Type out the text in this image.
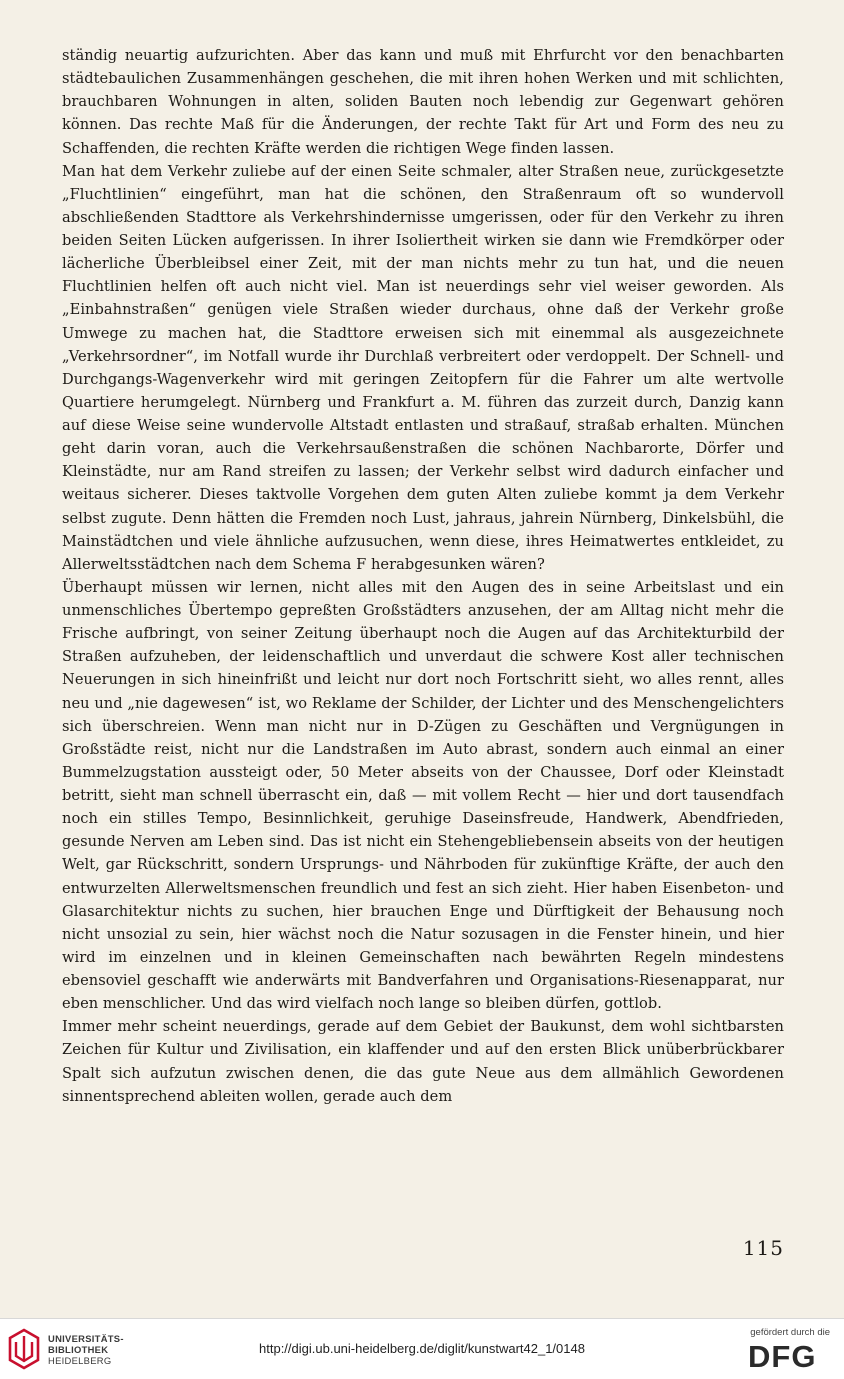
ständig neuartig aufzurichten. Aber das kann und muß mit Ehrfurcht vor den benachbarten städtebaulichen Zusammenhängen geschehen, die mit ihren hohen Werken und mit schlichten, brauchbaren Wohnungen in alten, soliden Bauten noch lebendig zur Gegenwart gehören können. Das rechte Maß für die Änderungen, der rechte Takt für Art und Form des neu zu Schaffenden, die rechten Kräfte werden die richtigen Wege finden lassen.

Man hat dem Verkehr zuliebe auf der einen Seite schmaler, alter Straßen neue, zurückgesetzte „Fluchtlinien“ eingeführt, man hat die schönen, den Straßenraum oft so wundervoll abschließenden Stadttore als Verkehrshindernisse umgerissen, oder für den Verkehr zu ihren beiden Seiten Lücken aufgerissen. In ihrer Isoliertheit wirken sie dann wie Fremdkörper oder lächerliche Überbleibsel einer Zeit, mit der man nichts mehr zu tun hat, und die neuen Fluchtlinien helfen oft auch nicht viel. Man ist neuerdings sehr viel weiser geworden. Als „Einbahnstraßen“ genügen viele Straßen wieder durchaus, ohne daß der Verkehr große Umwege zu machen hat, die Stadttore erweisen sich mit einemmal als ausgezeichnete „Verkehrsordner“, im Notfall wurde ihr Durchlaß verbreitert oder verdoppelt. Der Schnell- und Durchgangs-Wagenverkehr wird mit geringen Zeitopfern für die Fahrer um alte wertvolle Quartiere herumgelegt. Nürnberg und Frankfurt a. M. führen das zurzeit durch, Danzig kann auf diese Weise seine wundervolle Altstadt entlasten und straßauf, straßab erhalten. München geht darin voran, auch die Verkehrsaußenstraßen die schönen Nachbarorte, Dörfer und Kleinstädte, nur am Rand streifen zu lassen; der Verkehr selbst wird dadurch einfacher und weitaus sicherer. Dieses taktvolle Vorgehen dem guten Alten zuliebe kommt ja dem Verkehr selbst zugute. Denn hätten die Fremden noch Lust, jahraus, jahrein Nürnberg, Dinkelsbühl, die Mainstädtchen und viele ähnliche aufzusuchen, wenn diese, ihres Heimatwertes entkleidet, zu Allerweltsstädtchen nach dem Schema F herabgesunken wären?

Überhaupt müssen wir lernen, nicht alles mit den Augen des in seine Arbeitslast und ein unmenschliches Übertempo gepreßten Großstädters anzusehen, der am Alltag nicht mehr die Frische aufbringt, von seiner Zeitung überhaupt noch die Augen auf das Architekturbild der Straßen aufzuheben, der leidenschaftlich und unverdaut die schwere Kost aller technischen Neuerungen in sich hineinfrißt und leicht nur dort noch Fortschritt sieht, wo alles rennt, alles neu und „nie dagewesen“ ist, wo Reklame der Schilder, der Lichter und des Menschengelichters sich überschreien. Wenn man nicht nur in D-Zügen zu Geschäften und Vergnügungen in Großstädte reist, nicht nur die Landstraßen im Auto abrast, sondern auch einmal an einer Bummelzugstation aussteigt oder, 50 Meter abseits von der Chaussee, Dorf oder Kleinstadt betritt, sieht man schnell überrascht ein, daß — mit vollem Recht — hier und dort tausendfach noch ein stilles Tempo, Besinnlichkeit, geruhige Daseinsfreude, Handwerk, Abendfrieden, gesunde Nerven am Leben sind. Das ist nicht ein Stehengebliebensein abseits von der heutigen Welt, gar Rückschritt, sondern Ursprungs- und Nährboden für zukünftige Kräfte, der auch den entwurzelten Allerweltsmenschen freundlich und fest an sich zieht. Hier haben Eisenbeton- und Glasarchitektur nichts zu suchen, hier brauchen Enge und Dürftigkeit der Behausung noch nicht unsozial zu sein, hier wächst noch die Natur sozusagen in die Fenster hinein, und hier wird im einzelnen und in kleinen Gemeinschaften nach bewährten Regeln mindestens ebensoviel geschafft wie anderwärts mit Bandverfahren und Organisations-Riesenapparat, nur eben menschlicher. Und das wird vielfach noch lange so bleiben dürfen, gottlob.

Immer mehr scheint neuerdings, gerade auf dem Gebiet der Baukunst, dem wohl sichtbarsten Zeichen für Kultur und Zivilisation, ein klaffender und auf den ersten Blick unüberbrückbarer Spalt sich aufzutun zwischen denen, die das gute Neue aus dem allmählich Gewordenen sinnentsprechend ableiten wollen, gerade auch dem

115
UNIVERSITÄTS-
BIBLIOTHEK
HEIDELBERG
http://digi.ub.uni-heidelberg.de/diglit/kunstwart42_1/0148
gefördert durch die
DFG
